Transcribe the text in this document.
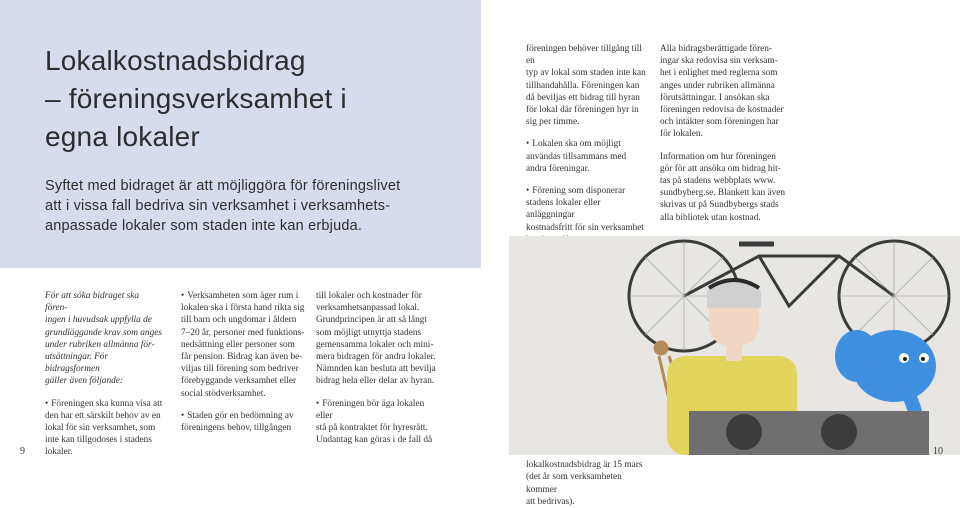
Lokalkostnadsbidrag
– föreningsverksamhet i
egna lokaler
Syftet med bidraget är att möjliggöra för föreningslivet
att i vissa fall bedriva sin verksamhet i verksamhets-
anpassade lokaler som staden inte kan erbjuda.

För att söka bidraget ska fören-

ingen i huvudsak uppfylla de

grundläggande krav som anges

under rubriken allmänna för-

utsättningar. För bidragsformen

gäller även följande:

• Föreningen ska kunna visa att

den har ett särskilt behov av en

lokal för sin verksamhet, som

inte kan tillgodoses i stadens

lokaler.

• Verksamheten som äger rum i

lokalen ska i första hand rikta sig

till barn och ungdomar i åldern

7–20 år, personer med funktions-

nedsättning eller personer som

får pension. Bidrag kan även be-

viljas till förening som bedriver

förebyggande verksamhet eller

social stödverksamhet.

• Staden gör en bedömning av

föreningens behov, tillgången

till lokaler och kostnader för

verksamhetsanpassad lokal.

Grundprincipen är att så långt

som möjligt utnyttja stadens

gemensamma lokaler och mini-

mera bidragen för andra lokaler.

Nämnden kan besluta att bevilja

bidrag hela eller delar av hyran.

• Föreningen bör äga lokalen eller

stå på kontraktet för hyresrätt.

Undantag kan göras i de fall då

9

föreningen behöver tillgång till en

typ av lokal som staden inte kan

tillhandahålla. Föreningen kan

då beviljas ett bidrag till hyran

för lokal där föreningen hyr in

sig per timme.

• Lokalen ska om möjligt

användas tillsammans med

andra föreningar.

• Förening som disponerar

stadens lokaler eller anläggningar

kostnadsfritt för sin verksamhet

•

lokalkostnadsbidrag är 15 mars

(det år som verksamheten kommer

att bedrivas).

Alla bidragsberättigade fören-

ingar ska redovisa sin verksam-

het i enlighet med reglerna som

anges under rubriken allmänna

förutsättningar. I ansökan ska

föreningen redovisa de kostnader

och intäkter som föreningen har

för lokalen.

Information om hur föreningen

gör för att ansöka om bidrag hit-

tas på stadens webbplats www.

sundbyberg.se. Blankett kan även

skrivas ut på Sundbybergs stads

alla bibliotek utan kostnad.

10
